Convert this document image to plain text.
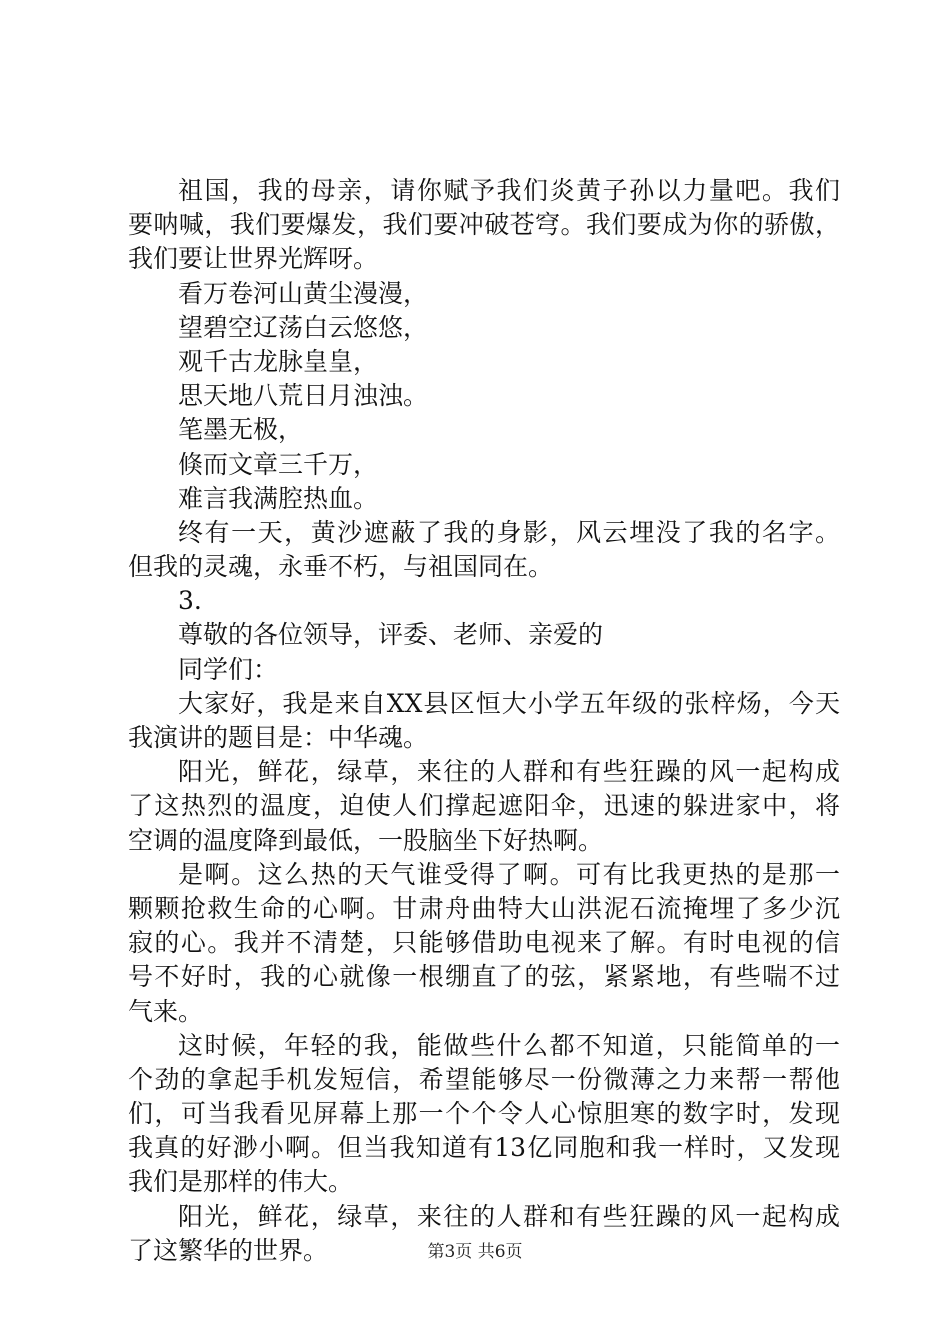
祖国，我的母亲，请你赋予我们炎黄子孙以力量吧。我们
要呐喊，我们要爆发，我们要冲破苍穹。我们要成为你的骄傲，
我们要让世界光辉呀。
看万卷河山黄尘漫漫，
望碧空辽荡白云悠悠，
观千古龙脉皇皇，
思天地八荒日月浊浊。
笔墨无极，
倏而文章三千万，
难言我满腔热血。
终有一天，黄沙遮蔽了我的身影，风云埋没了我的名字。
但我的灵魂，永垂不朽，与祖国同在。
3.
尊敬的各位领导，评委、老师、亲爱的
同学们：
大家好，我是来自XX县区恒大小学五年级的张梓炀，今天
我演讲的题目是：中华魂。
阳光，鲜花，绿草，来往的人群和有些狂躁的风一起构成
了这热烈的温度，迫使人们撑起遮阳伞，迅速的躲进家中，将
空调的温度降到最低，一股脑坐下好热啊。
是啊。这么热的天气谁受得了啊。可有比我更热的是那一
颗颗抢救生命的心啊。甘肃舟曲特大山洪泥石流掩埋了多少沉
寂的心。我并不清楚，只能够借助电视来了解。有时电视的信
号不好时，我的心就像一根绷直了的弦，紧紧地，有些喘不过
气来。
这时候，年轻的我，能做些什么都不知道，只能简单的一
个劲的拿起手机发短信，希望能够尽一份微薄之力来帮一帮他
们，可当我看见屏幕上那一个个令人心惊胆寒的数字时，发现
我真的好渺小啊。但当我知道有13亿同胞和我一样时，又发现
我们是那样的伟大。
阳光，鲜花，绿草，来往的人群和有些狂躁的风一起构成
了这繁华的世界。	第3页 共6页
